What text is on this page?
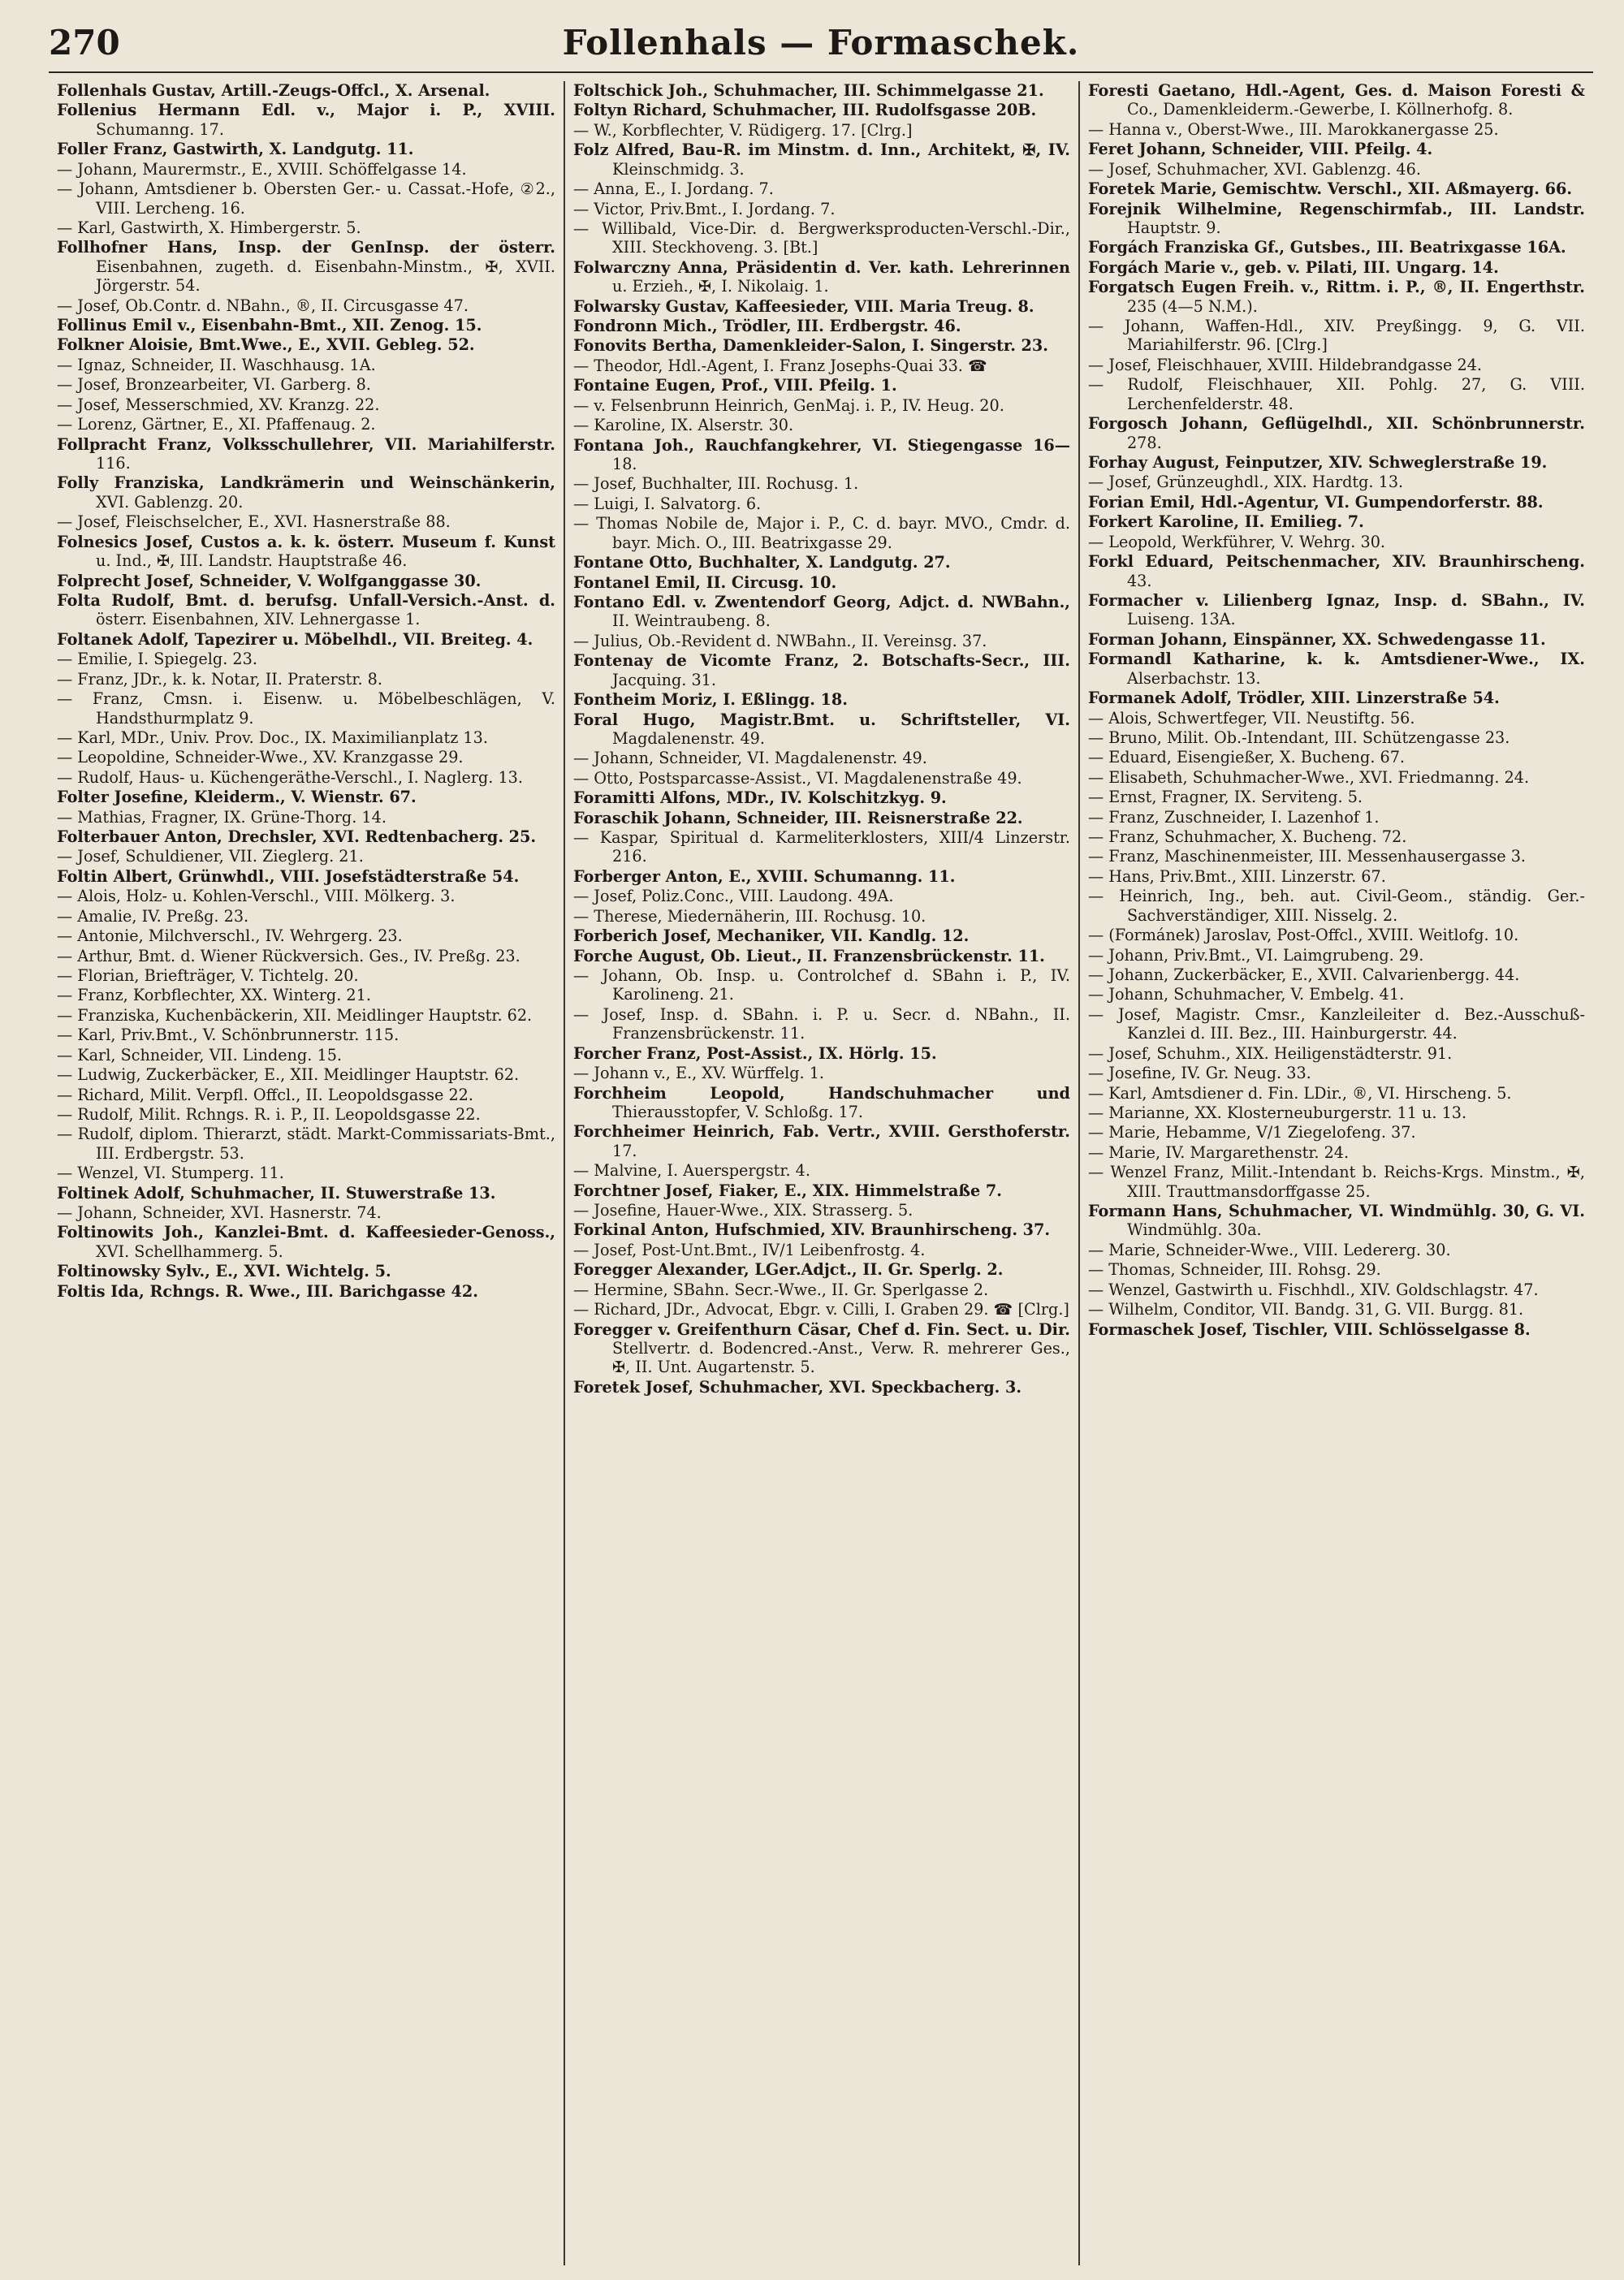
270	Follenhals — Formaschek.

Follenhals Gustav, Artill.-Zeugs-Offcl., X. Arsenal.

Follenius Hermann Edl. v., Major i. P., XVIII. Schumanng. 17.

Foller Franz, Gastwirth, X. Landgutg. 11.

— Johann, Maurermstr., E., XVIII. Schöffelgasse 14.

— Johann, Amtsdiener b. Obersten Ger.- u. Cassat.-Hofe, ②2., VIII. Lercheng. 16.

— Karl, Gastwirth, X. Himbergerstr. 5.

Follhofner Hans, Insp. der GenInsp. der österr. Eisenbahnen, zugeth. d. Eisenbahn-Minstm., ✠, XVII. Jörgerstr. 54.

— Josef, Ob.Contr. d. NBahn., ®, II. Circusgasse 47.

Follinus Emil v., Eisenbahn-Bmt., XII. Zenog. 15.

Folkner Aloisie, Bmt.Wwe., E., XVII. Gebleg. 52.

— Ignaz, Schneider, II. Waschhausg. 1A.

— Josef, Bronzearbeiter, VI. Garberg. 8.

— Josef, Messerschmied, XV. Kranzg. 22.

— Lorenz, Gärtner, E., XI. Pfaffenaug. 2.

Follpracht Franz, Volksschullehrer, VII. Mariahilferstr. 116.

Folly Franziska, Landkrämerin und Weinschänkerin, XVI. Gablenzg. 20.

— Josef, Fleischselcher, E., XVI. Hasnerstraße 88.

Folnesics Josef, Custos a. k. k. österr. Museum f. Kunst u. Ind., ✠, III. Landstr. Hauptstraße 46.

Folprecht Josef, Schneider, V. Wolfganggasse 30.

Folta Rudolf, Bmt. d. berufsg. Unfall-Versich.-Anst. d. österr. Eisenbahnen, XIV. Lehnergasse 1.

Foltanek Adolf, Tapezirer u. Möbelhdl., VII. Breiteg. 4.

— Emilie, I. Spiegelg. 23.

— Franz, JDr., k. k. Notar, II. Praterstr. 8.

— Franz, Cmsn. i. Eisenw. u. Möbelbeschlägen, V. Handsthurmplatz 9.

— Karl, MDr., Univ. Prov. Doc., IX. Maximilianplatz 13.

— Leopoldine, Schneider-Wwe., XV. Kranzgasse 29.

— Rudolf, Haus- u. Küchengeräthe-Verschl., I. Naglerg. 13.

Folter Josefine, Kleiderm., V. Wienstr. 67.

— Mathias, Fragner, IX. Grüne-Thorg. 14.

Folterbauer Anton, Drechsler, XVI. Redtenbacherg. 25.

— Josef, Schuldiener, VII. Zieglerg. 21.

Foltin Albert, Grünwhdl., VIII. Josefstädterstraße 54.

— Alois, Holz- u. Kohlen-Verschl., VIII. Mölkerg. 3.

— Amalie, IV. Preßg. 23.

— Antonie, Milchverschl., IV. Wehrgerg. 23.

— Arthur, Bmt. d. Wiener Rückversich. Ges., IV. Preßg. 23.

— Florian, Briefträger, V. Tichtelg. 20.

— Franz, Korbflechter, XX. Winterg. 21.

— Franziska, Kuchenbäckerin, XII. Meidlinger Hauptstr. 62.

— Karl, Priv.Bmt., V. Schönbrunnerstr. 115.

— Karl, Schneider, VII. Lindeng. 15.

— Ludwig, Zuckerbäcker, E., XII. Meidlinger Hauptstr. 62.

— Richard, Milit. Verpfl. Offcl., II. Leopoldsgasse 22.

— Rudolf, Milit. Rchngs. R. i. P., II. Leopoldsgasse 22.

— Rudolf, diplom. Thierarzt, städt. Markt-Commissariats-Bmt., III. Erdbergstr. 53.

— Wenzel, VI. Stumperg. 11.

Foltinek Adolf, Schuhmacher, II. Stuwerstraße 13.

— Johann, Schneider, XVI. Hasnerstr. 74.

Foltinowits Joh., Kanzlei-Bmt. d. Kaffeesieder-Genoss., XVI. Schellhammerg. 5.

Foltinowsky Sylv., E., XVI. Wichtelg. 5.

Foltis Ida, Rchngs. R. Wwe., III. Barichgasse 42.

Foltschick Joh., Schuhmacher, III. Schimmelgasse 21.

Foltyn Richard, Schuhmacher, III. Rudolfsgasse 20B.

— W., Korbflechter, V. Rüdigerg. 17. [Clrg.]

Folz Alfred, Bau-R. im Minstm. d. Inn., Architekt, ✠, IV. Kleinschmidg. 3.

— Anna, E., I. Jordang. 7.

— Victor, Priv.Bmt., I. Jordang. 7.

— Willibald, Vice-Dir. d. Bergwerksproducten-Verschl.-Dir., XIII. Steckhoveng. 3. [Bt.]

Folwarczny Anna, Präsidentin d. Ver. kath. Lehrerinnen u. Erzieh., ✠, I. Nikolaig. 1.

Folwarsky Gustav, Kaffeesieder, VIII. Maria Treug. 8.

Fondronn Mich., Trödler, III. Erdbergstr. 46.

Fonovits Bertha, Damenkleider-Salon, I. Singerstr. 23.

— Theodor, Hdl.-Agent, I. Franz Josephs-Quai 33. ☎

Fontaine Eugen, Prof., VIII. Pfeilg. 1.

— v. Felsenbrunn Heinrich, GenMaj. i. P., IV. Heug. 20.

— Karoline, IX. Alserstr. 30.

Fontana Joh., Rauchfangkehrer, VI. Stiegengasse 16—18.

— Josef, Buchhalter, III. Rochusg. 1.

— Luigi, I. Salvatorg. 6.

— Thomas Nobile de, Major i. P., C. d. bayr. MVO., Cmdr. d. bayr. Mich. O., III. Beatrixgasse 29.

Fontane Otto, Buchhalter, X. Landgutg. 27.

Fontanel Emil, II. Circusg. 10.

Fontano Edl. v. Zwentendorf Georg, Adjct. d. NWBahn., II. Weintraubeng. 8.

— Julius, Ob.-Revident d. NWBahn., II. Vereinsg. 37.

Fontenay de Vicomte Franz, 2. Botschafts-Secr., III. Jacquing. 31.

Fontheim Moriz, I. Eßlingg. 18.

Foral Hugo, Magistr.Bmt. u. Schriftsteller, VI. Magdalenenstr. 49.

— Johann, Schneider, VI. Magdalenenstr. 49.

— Otto, Postsparcasse-Assist., VI. Magdalenenstraße 49.

Foramitti Alfons, MDr., IV. Kolschitzkyg. 9.

Foraschik Johann, Schneider, III. Reisnerstraße 22.

— Kaspar, Spiritual d. Karmeliterklosters, XIII/4 Linzerstr. 216.

Forberger Anton, E., XVIII. Schumanng. 11.

— Josef, Poliz.Conc., VIII. Laudong. 49A.

— Therese, Miedernäherin, III. Rochusg. 10.

Forberich Josef, Mechaniker, VII. Kandlg. 12.

Forche August, Ob. Lieut., II. Franzensbrückenstr. 11.

— Johann, Ob. Insp. u. Controlchef d. SBahn i. P., IV. Karolineng. 21.

— Josef, Insp. d. SBahn. i. P. u. Secr. d. NBahn., II. Franzensbrückenstr. 11.

Forcher Franz, Post-Assist., IX. Hörlg. 15.

— Johann v., E., XV. Würffelg. 1.

Forchheim Leopold, Handschuhmacher und Thierausstopfer, V. Schloßg. 17.

Forchheimer Heinrich, Fab. Vertr., XVIII. Gersthoferstr. 17.

— Malvine, I. Auerspergstr. 4.

Forchtner Josef, Fiaker, E., XIX. Himmelstraße 7.

— Josefine, Hauer-Wwe., XIX. Strasserg. 5.

Forkinal Anton, Hufschmied, XIV. Braunhirscheng. 37.

— Josef, Post-Unt.Bmt., IV/1 Leibenfrostg. 4.

Foregger Alexander, LGer.Adjct., II. Gr. Sperlg. 2.

— Hermine, SBahn. Secr.-Wwe., II. Gr. Sperlgasse 2.

— Richard, JDr., Advocat, Ebgr. v. Cilli, I. Graben 29. ☎ [Clrg.]

Foregger v. Greifenthurn Cäsar, Chef d. Fin. Sect. u. Dir. Stellvertr. d. Bodencred.-Anst., Verw. R. mehrerer Ges., ✠, II. Unt. Augartenstr. 5.

Foretek Josef, Schuhmacher, XVI. Speckbacherg. 3.

Foresti Gaetano, Hdl.-Agent, Ges. d. Maison Foresti & Co., Damenkleiderm.-Gewerbe, I. Köllnerhofg. 8.

— Hanna v., Oberst-Wwe., III. Marokkanergasse 25.

Feret Johann, Schneider, VIII. Pfeilg. 4.

— Josef, Schuhmacher, XVI. Gablenzg. 46.

Foretek Marie, Gemischtw. Verschl., XII. Aßmayerg. 66.

Forejnik Wilhelmine, Regenschirmfab., III. Landstr. Hauptstr. 9.

Forgách Franziska Gf., Gutsbes., III. Beatrixgasse 16A.

Forgách Marie v., geb. v. Pilati, III. Ungarg. 14.

Forgatsch Eugen Freih. v., Rittm. i. P., ®, II. Engerthstr. 235 (4—5 N.M.).

— Johann, Waffen-Hdl., XIV. Preyßingg. 9, G. VII. Mariahilferstr. 96. [Clrg.]

— Josef, Fleischhauer, XVIII. Hildebrandgasse 24.

— Rudolf, Fleischhauer, XII. Pohlg. 27, G. VIII. Lerchenfelderstr. 48.

Forgosch Johann, Geflügelhdl., XII. Schönbrunnerstr. 278.

Forhay August, Feinputzer, XIV. Schweglerstraße 19.

— Josef, Grünzeughdl., XIX. Hardtg. 13.

Forian Emil, Hdl.-Agentur, VI. Gumpendorferstr. 88.

Forkert Karoline, II. Emilieg. 7.

— Leopold, Werkführer, V. Wehrg. 30.

Forkl Eduard, Peitschenmacher, XIV. Braunhirscheng. 43.

Formacher v. Lilienberg Ignaz, Insp. d. SBahn., IV. Luiseng. 13A.

Forman Johann, Einspänner, XX. Schwedengasse 11.

Formandl Katharine, k. k. Amtsdiener-Wwe., IX. Alserbachstr. 13.

Formanek Adolf, Trödler, XIII. Linzerstraße 54.

— Alois, Schwertfeger, VII. Neustiftg. 56.

— Bruno, Milit. Ob.-Intendant, III. Schützengasse 23.

— Eduard, Eisengießer, X. Bucheng. 67.

— Elisabeth, Schuhmacher-Wwe., XVI. Friedmanng. 24.

— Ernst, Fragner, IX. Serviteng. 5.

— Franz, Zuschneider, I. Lazenhof 1.

— Franz, Schuhmacher, X. Bucheng. 72.

— Franz, Maschinenmeister, III. Messenhausergasse 3.

— Hans, Priv.Bmt., XIII. Linzerstr. 67.

— Heinrich, Ing., beh. aut. Civil-Geom., ständig. Ger.-Sachverständiger, XIII. Nisselg. 2.

— (Formánek) Jaroslav, Post-Offcl., XVIII. Weitlofg. 10.

— Johann, Priv.Bmt., VI. Laimgrubeng. 29.

— Johann, Zuckerbäcker, E., XVII. Calvarienbergg. 44.

— Johann, Schuhmacher, V. Embelg. 41.

— Josef, Magistr. Cmsr., Kanzleileiter d. Bez.-Ausschuß-Kanzlei d. III. Bez., III. Hainburgerstr. 44.

— Josef, Schuhm., XIX. Heiligenstädterstr. 91.

— Josefine, IV. Gr. Neug. 33.

— Karl, Amtsdiener d. Fin. LDir., ®, VI. Hirscheng. 5.

— Marianne, XX. Klosterneuburgerstr. 11 u. 13.

— Marie, Hebamme, V/1 Ziegelofeng. 37.

— Marie, IV. Margarethenstr. 24.

— Wenzel Franz, Milit.-Intendant b. Reichs-Krgs. Minstm., ✠, XIII. Trauttmansdorffgasse 25.

Formann Hans, Schuhmacher, VI. Windmühlg. 30, G. VI. Windmühlg. 30a.

— Marie, Schneider-Wwe., VIII. Ledererg. 30.

— Thomas, Schneider, III. Rohsg. 29.

— Wenzel, Gastwirth u. Fischhdl., XIV. Goldschlagstr. 47.

— Wilhelm, Conditor, VII. Bandg. 31, G. VII. Burgg. 81.

Formaschek Josef, Tischler, VIII. Schlösselgasse 8.
